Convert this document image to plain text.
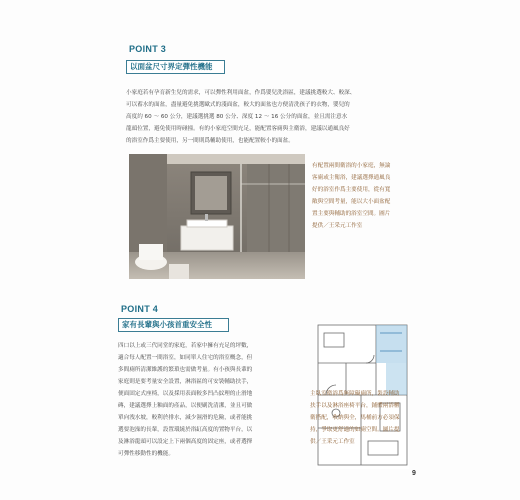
POINT 3
以面盆尺寸界定彈性機能
小家庭若有孕育新生兒的需求，可以彈性利用面盆，作爲嬰兒洗浴區，建議挑選較大、較深、
可以蓄水的面盆，盡量避免挑選歐式的淺面盆，較大的面盆也方便清洗孩子的衣物，嬰兒的
高度約 60 ～ 60 公分，建議選挑選 80 公分、深度 12 ～ 16 公分的面盆，並且需注意水
龍頭位置，避免使用時碰撞。有的小家庭空間充足，能配置客廁與主衛浴，建議以通風良好
的浴室作爲主要使用，另一間則爲輔助使用，也能配置較小的面盆。
有配置兩間衛浴的小家庭，無論
客廁或主衛浴，建議選擇通風良
好的浴室作爲主要使用，從有寬
敞與空間考量，能以大小面盆配
置主要與輔助的浴室空間。圖片
提供／王采元工作室
POINT 4
家有長輩與小孩首重安全性
四口以上或三代同堂的家庭，若家中擁有充足的坪數，
適合每人配置一間浴室，如同單人住宅的浴室概念，但
多間廁所清潔維護的繁瑣也需做考量。有小孩與長輩的
家庭則是要考量安全設置，淋浴區的可安裝輔助扶手，
便面固定式座椅，以及採用表面較多凹凸紋理的止滑地
磚，建議選擇上釉面的產品，以便刷洗清潔，並且可做
單向洩水坡，較利於排水，減少濕滑的危險，或者能挑
選要泡澡的長輩，設置環繞於浴缸高度的置物平台，以
及淋浴龍頭可以設定上下兩個高度的固定座，或者選擇
可彈性移動性的機能。
主臥室衛浴爲無障礙廁所，裝設輔助
扶手以及淋浴座椅平台，鋪體兩浴櫃
衛搭配，收納與全，馬桶前方必須保
持，爭取更舒適的如廁空間。圖片提
供／王采元工作室
9
